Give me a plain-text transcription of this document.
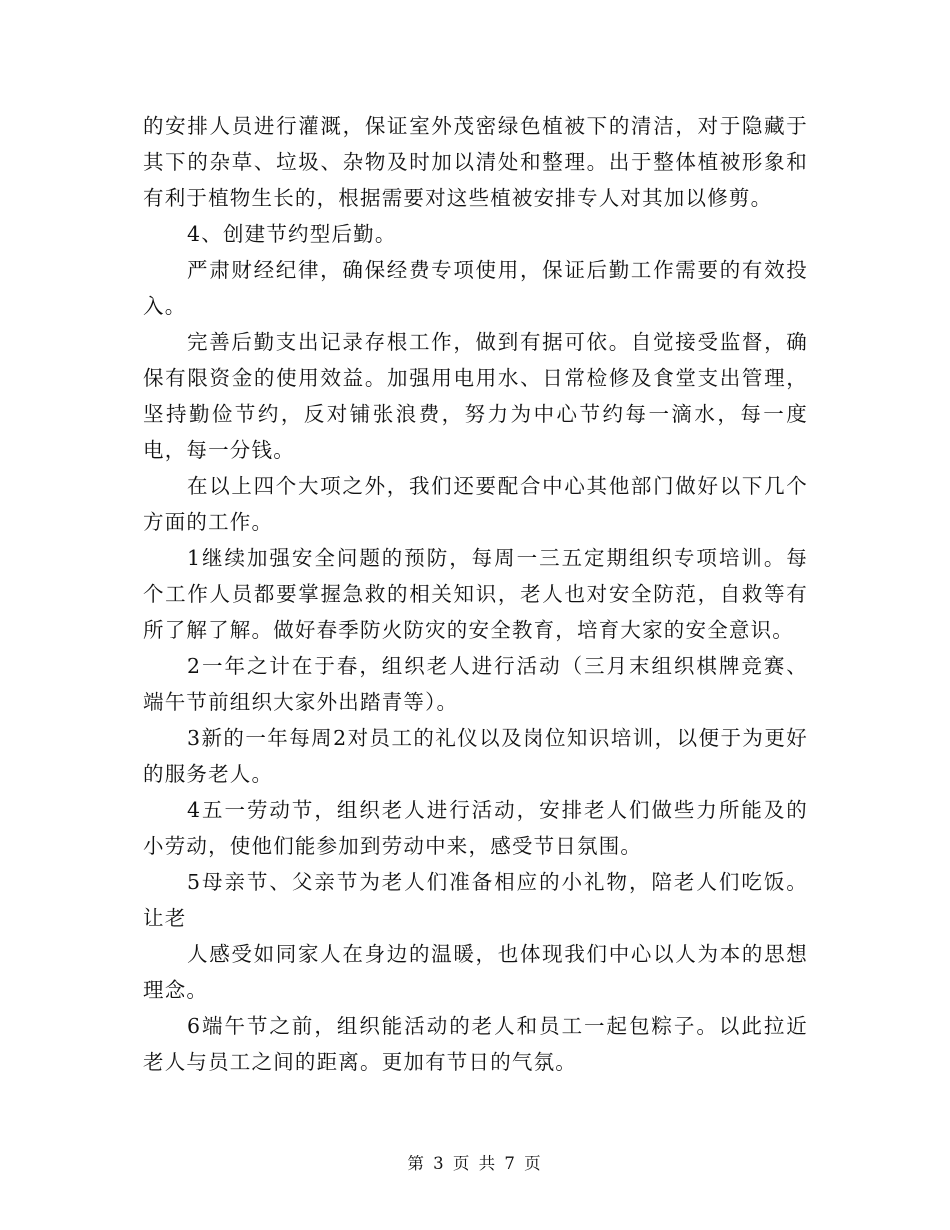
的安排人员进行灌溉，保证室外茂密绿色植被下的清洁，对于隐藏于其下的杂草、垃圾、杂物及时加以清处和整理。出于整体植被形象和有利于植物生长的，根据需要对这些植被安排专人对其加以修剪。

4、创建节约型后勤。

严肃财经纪律，确保经费专项使用，保证后勤工作需要的有效投入。

完善后勤支出记录存根工作，做到有据可依。自觉接受监督，确保有限资金的使用效益。加强用电用水、日常检修及食堂支出管理，坚持勤俭节约，反对铺张浪费，努力为中心节约每一滴水，每一度电，每一分钱。

在以上四个大项之外，我们还要配合中心其他部门做好以下几个方面的工作。

1继续加强安全问题的预防，每周一三五定期组织专项培训。每个工作人员都要掌握急救的相关知识，老人也对安全防范，自救等有所了解了解。做好春季防火防灾的安全教育，培育大家的安全意识。

2一年之计在于春，组织老人进行活动（三月末组织棋牌竞赛、端午节前组织大家外出踏青等）。

3新的一年每周2对员工的礼仪以及岗位知识培训，以便于为更好的服务老人。

4五一劳动节，组织老人进行活动，安排老人们做些力所能及的小劳动，使他们能参加到劳动中来，感受节日氛围。

5母亲节、父亲节为老人们准备相应的小礼物，陪老人们吃饭。让老

人感受如同家人在身边的温暖，也体现我们中心以人为本的思想理念。

6端午节之前，组织能活动的老人和员工一起包粽子。以此拉近老人与员工之间的距离。更加有节日的气氛。

第 3 页 共 7 页
